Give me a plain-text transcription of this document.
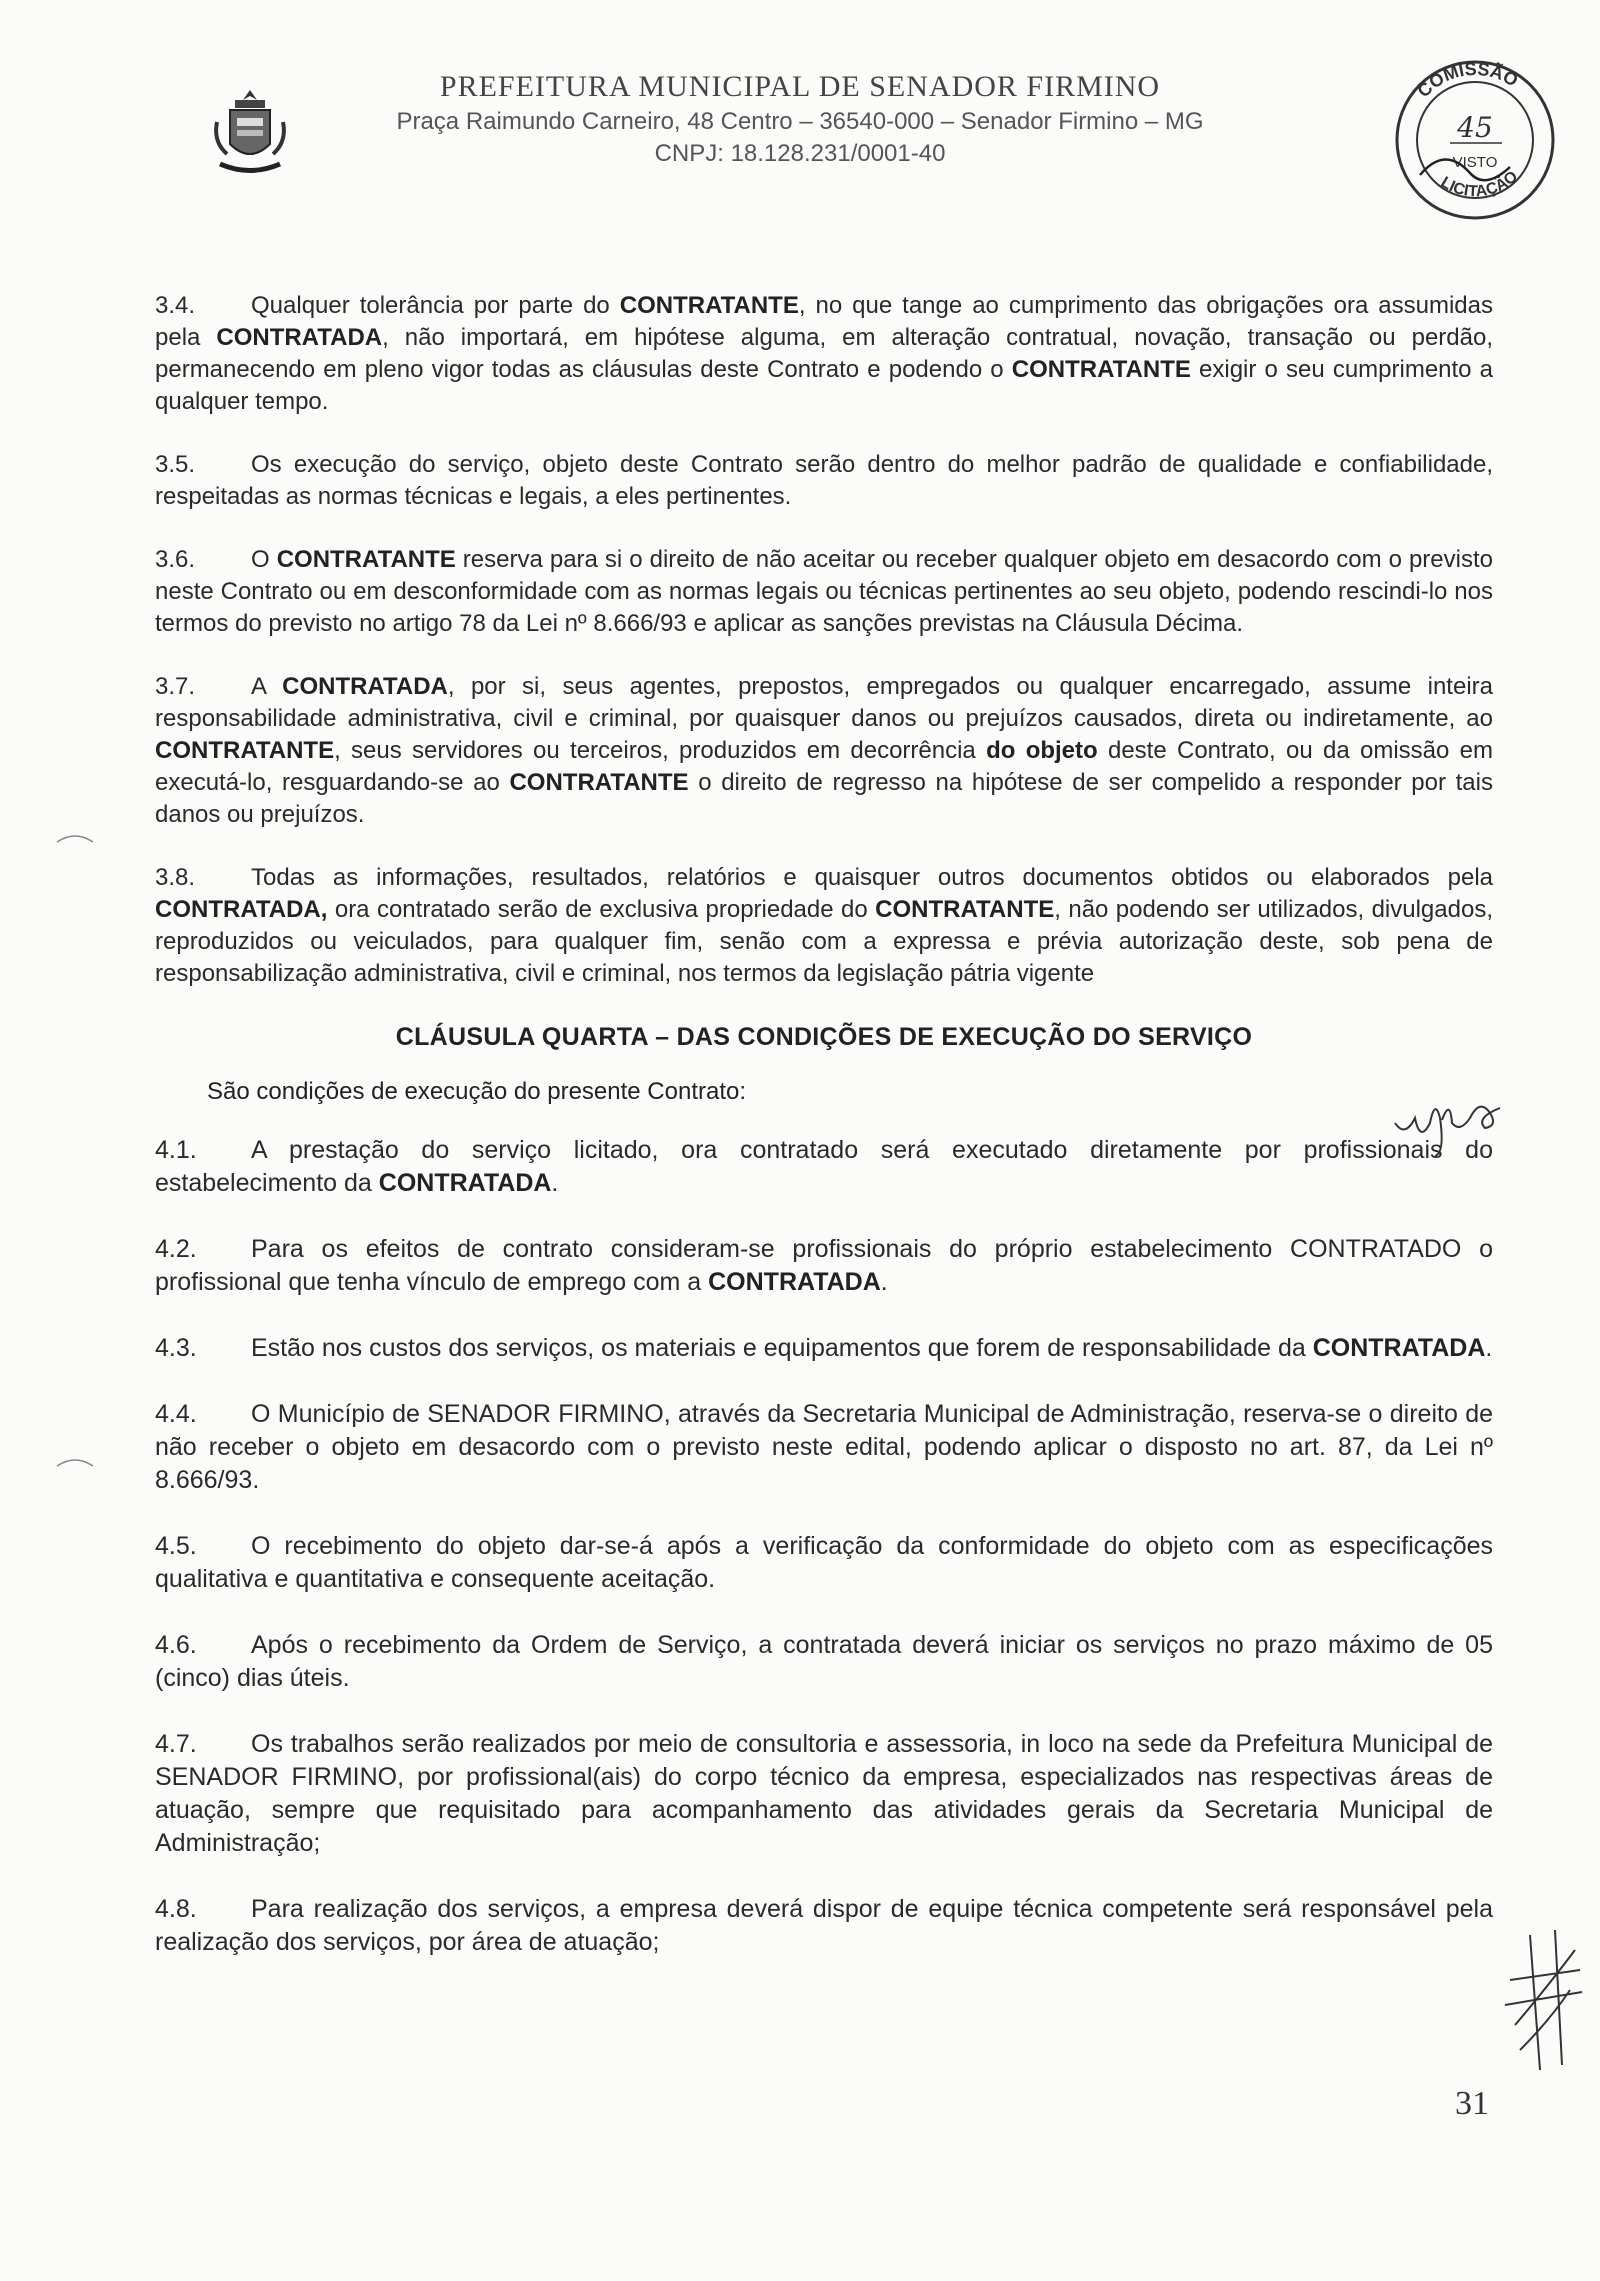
PREFEITURA MUNICIPAL DE SENADOR FIRMINO
Praça Raimundo Carneiro, 48 Centro – 36540-000 – Senador Firmino – MG
CNPJ: 18.128.231/0001-40
COMISSÃO
LICITAÇÃO
45
VISTO

3.4. Qualquer tolerância por parte do CONTRATANTE, no que tange ao cumprimento das obrigações ora assumidas pela CONTRATADA, não importará, em hipótese alguma, em alteração contratual, novação, transação ou perdão, permanecendo em pleno vigor todas as cláusulas deste Contrato e podendo o CONTRATANTE exigir o seu cumprimento a qualquer tempo.

3.5. Os execução do serviço, objeto deste Contrato serão dentro do melhor padrão de qualidade e confiabilidade, respeitadas as normas técnicas e legais, a eles pertinentes.

3.6. O CONTRATANTE reserva para si o direito de não aceitar ou receber qualquer objeto em desacordo com o previsto neste Contrato ou em desconformidade com as normas legais ou técnicas pertinentes ao seu objeto, podendo rescindi-lo nos termos do previsto no artigo 78 da Lei nº 8.666/93 e aplicar as sanções previstas na Cláusula Décima.

3.7. A CONTRATADA, por si, seus agentes, prepostos, empregados ou qualquer encarregado, assume inteira responsabilidade administrativa, civil e criminal, por quaisquer danos ou prejuízos causados, direta ou indiretamente, ao CONTRATANTE, seus servidores ou terceiros, produzidos em decorrência do objeto deste Contrato, ou da omissão em executá-lo, resguardando-se ao CONTRATANTE o direito de regresso na hipótese de ser compelido a responder por tais danos ou prejuízos.

3.8. Todas as informações, resultados, relatórios e quaisquer outros documentos obtidos ou elaborados pela CONTRATADA, ora contratado serão de exclusiva propriedade do CONTRATANTE, não podendo ser utilizados, divulgados, reproduzidos ou veiculados, para qualquer fim, senão com a expressa e prévia autorização deste, sob pena de responsabilização administrativa, civil e criminal, nos termos da legislação pátria vigente

CLÁUSULA QUARTA – DAS CONDIÇÕES DE EXECUÇÃO DO SERVIÇO
São condições de execução do presente Contrato:

4.1. A prestação do serviço licitado, ora contratado será executado diretamente por profissionais do estabelecimento da CONTRATADA.

4.2. Para os efeitos de contrato consideram-se profissionais do próprio estabelecimento CONTRATADO o profissional que tenha vínculo de emprego com a CONTRATADA.

4.3. Estão nos custos dos serviços, os materiais e equipamentos que forem de responsabilidade da CONTRATADA.

4.4. O Município de SENADOR FIRMINO, através da Secretaria Municipal de Administração, reserva-se o direito de não receber o objeto em desacordo com o previsto neste edital, podendo aplicar o disposto no art. 87, da Lei nº 8.666/93.

4.5. O recebimento do objeto dar-se-á após a verificação da conformidade do objeto com as especificações qualitativa e quantitativa e consequente aceitação.

4.6. Após o recebimento da Ordem de Serviço, a contratada deverá iniciar os serviços no prazo máximo de 05 (cinco) dias úteis.

4.7. Os trabalhos serão realizados por meio de consultoria e assessoria, in loco na sede da Prefeitura Municipal de SENADOR FIRMINO, por profissional(ais) do corpo técnico da empresa, especializados nas respectivas áreas de atuação, sempre que requisitado para acompanhamento das atividades gerais da Secretaria Municipal de Administração;

4.8. Para realização dos serviços, a empresa deverá dispor de equipe técnica competente será responsável pela realização dos serviços, por área de atuação;

31
